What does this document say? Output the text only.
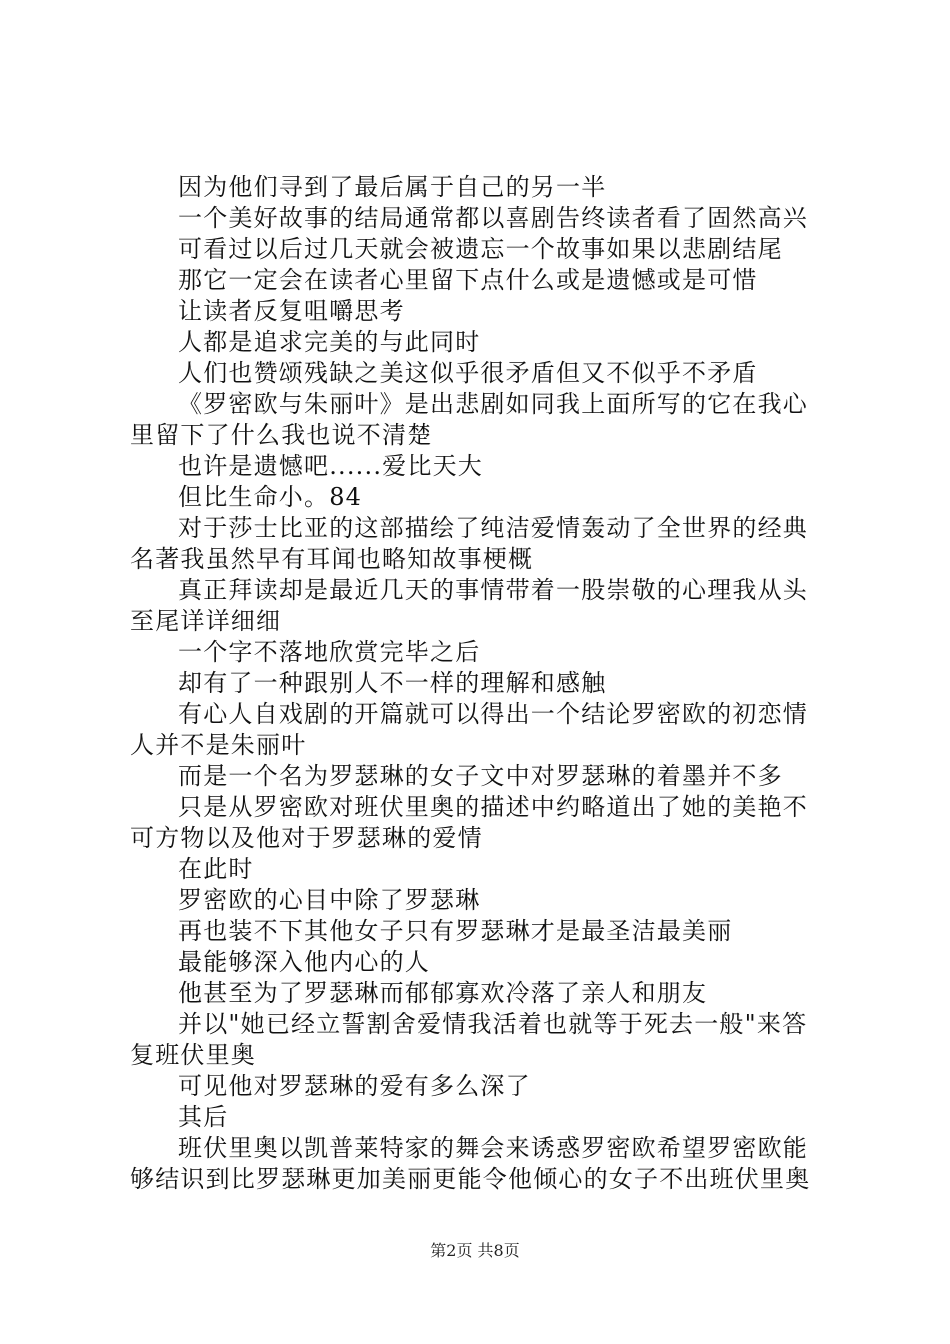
因为他们寻到了最后属于自己的另一半

一个美好故事的结局通常都以喜剧告终读者看了固然高兴

可看过以后过几天就会被遗忘一个故事如果以悲剧结尾

那它一定会在读者心里留下点什么或是遗憾或是可惜

让读者反复咀嚼思考

人都是追求完美的与此同时

人们也赞颂残缺之美这似乎很矛盾但又不似乎不矛盾

《罗密欧与朱丽叶》是出悲剧如同我上面所写的它在我心里留下了什么我也说不清楚

也许是遗憾吧......爱比天大

但比生命小。84

对于莎士比亚的这部描绘了纯洁爱情轰动了全世界的经典名著我虽然早有耳闻也略知故事梗概

真正拜读却是最近几天的事情带着一股崇敬的心理我从头至尾详详细细

一个字不落地欣赏完毕之后

却有了一种跟别人不一样的理解和感触

有心人自戏剧的开篇就可以得出一个结论罗密欧的初恋情人并不是朱丽叶

而是一个名为罗瑟琳的女子文中对罗瑟琳的着墨并不多

只是从罗密欧对班伏里奥的描述中约略道出了她的美艳不可方物以及他对于罗瑟琳的爱情

在此时

罗密欧的心目中除了罗瑟琳

再也装不下其他女子只有罗瑟琳才是最圣洁最美丽

最能够深入他内心的人

他甚至为了罗瑟琳而郁郁寡欢冷落了亲人和朋友

并以"她已经立誓割舍爱情我活着也就等于死去一般"来答复班伏里奥

可见他对罗瑟琳的爱有多么深了

其后

班伏里奥以凯普莱特家的舞会来诱惑罗密欧希望罗密欧能够结识到比罗瑟琳更加美丽更能令他倾心的女子不出班伏里奥

第2页 共8页
